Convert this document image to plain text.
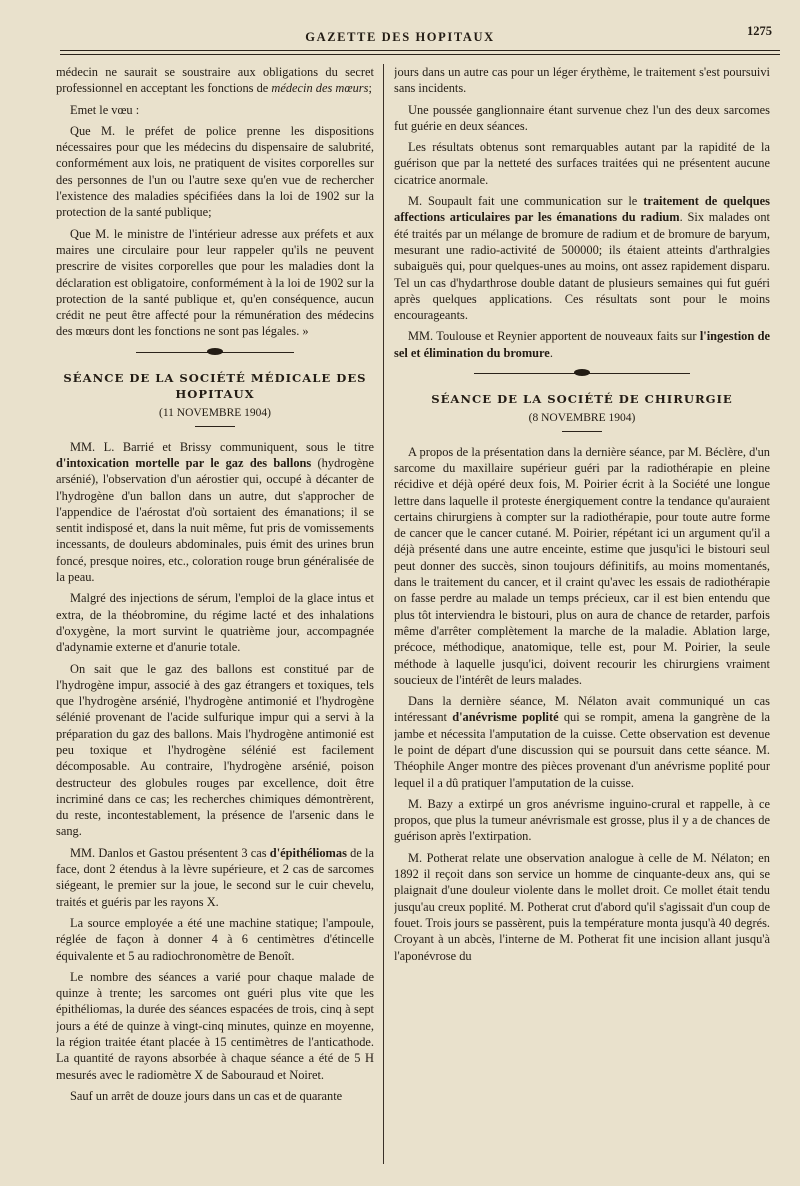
GAZETTE DES HOPITAUX	1275

médecin ne saurait se soustraire aux obligations du secret professionnel en acceptant les fonctions de médecin des mœurs;

Emet le vœu :

Que M. le préfet de police prenne les dispositions nécessaires pour que les médecins du dispensaire de salubrité, conformément aux lois, ne pratiquent de visites corporelles sur des personnes de l'un ou l'autre sexe qu'en vue de rechercher l'existence des maladies spécifiées dans la loi de 1902 sur la protection de la santé publique;

Que M. le ministre de l'intérieur adresse aux préfets et aux maires une circulaire pour leur rappeler qu'ils ne peuvent prescrire de visites corporelles que pour les maladies dont la déclaration est obligatoire, conformément à la loi de 1902 sur la protection de la santé publique et, qu'en conséquence, aucun crédit ne peut être affecté pour la rémunération des médecins des mœurs dont les fonctions ne sont pas légales. »

SÉANCE DE LA SOCIÉTÉ MÉDICALE DES HOPITAUX
(11 NOVEMBRE 1904)

MM. L. Barrié et Brissy communiquent, sous le titre d'intoxication mortelle par le gaz des ballons (hydrogène arsénié), l'observation d'un aérostier qui, occupé à décanter de l'hydrogène d'un ballon dans un autre, dut s'approcher de l'appendice de l'aérostat d'où sortaient des émanations; il se sentit indisposé et, dans la nuit même, fut pris de vomissements incessants, de douleurs abdominales, puis émit des urines brun foncé, presque noires, etc., coloration rouge brun généralisée de la peau.

Malgré des injections de sérum, l'emploi de la glace intus et extra, de la théobromine, du régime lacté et des inhalations d'oxygène, la mort survint le quatrième jour, accompagnée d'adynamie externe et d'anurie totale.

On sait que le gaz des ballons est constitué par de l'hydrogène impur, associé à des gaz étrangers et toxiques, tels que l'hydrogène arsénié, l'hydrogène antimonié et l'hydrogène sélénié provenant de l'acide sulfurique impur qui a servi à la préparation du gaz des ballons. Mais l'hydrogène antimonié est peu toxique et l'hydrogène sélénié est facilement décomposable. Au contraire, l'hydrogène arsénié, poison destructeur des globules rouges par excellence, doit être incriminé dans ce cas; les recherches chimiques démontrèrent, du reste, incontestablement, la présence de l'arsenic dans le sang.

MM. Danlos et Gastou présentent 3 cas d'épithéliomas de la face, dont 2 étendus à la lèvre supérieure, et 2 cas de sarcomes siégeant, le premier sur la joue, le second sur le cuir chevelu, traités et guéris par les rayons X.

La source employée a été une machine statique; l'ampoule, réglée de façon à donner 4 à 6 centimètres d'étincelle équivalente et 5 au radiochronomètre de Benoît.

Le nombre des séances a varié pour chaque malade de quinze à trente; les sarcomes ont guéri plus vite que les épithéliomas, la durée des séances espacées de trois, cinq à sept jours a été de quinze à vingt-cinq minutes, quinze en moyenne, la région traitée étant placée à 15 centimètres de l'anticathode. La quantité de rayons absorbée à chaque séance a été de 5 H mesurés avec le radiomètre X de Sabouraud et Noiret.

Sauf un arrêt de douze jours dans un cas et de quarante

jours dans un autre cas pour un léger érythème, le traitement s'est poursuivi sans incidents.

Une poussée ganglionnaire étant survenue chez l'un des deux sarcomes fut guérie en deux séances.

Les résultats obtenus sont remarquables autant par la rapidité de la guérison que par la netteté des surfaces traitées qui ne présentent aucune cicatrice anormale.

M. Soupault fait une communication sur le traitement de quelques affections articulaires par les émanations du radium. Six malades ont été traités par un mélange de bromure de radium et de bromure de baryum, mesurant une radio-activité de 500000; ils étaient atteints d'arthralgies subaiguës qui, pour quelques-unes au moins, ont assez rapidement disparu. Tel un cas d'hydarthrose double datant de plusieurs semaines qui fut guéri après quelques applications. Ces résultats sont pour le moins encourageants.

MM. Toulouse et Reynier apportent de nouveaux faits sur l'ingestion de sel et élimination du bromure.

SÉANCE DE LA SOCIÉTÉ DE CHIRURGIE
(8 NOVEMBRE 1904)

A propos de la présentation dans la dernière séance, par M. Béclère, d'un sarcome du maxillaire supérieur guéri par la radiothérapie en pleine récidive et déjà opéré deux fois, M. Poirier écrit à la Société une longue lettre dans laquelle il proteste énergiquement contre la tendance qu'auraient certains chirurgiens à compter sur la radiothérapie, pour toute autre forme de cancer que le cancer cutané. M. Poirier, répétant ici un argument qu'il a déjà présenté dans une autre enceinte, estime que jusqu'ici le bistouri seul peut donner des succès, sinon toujours définitifs, au moins momentanés, dans le traitement du cancer, et il craint qu'avec les essais de radiothérapie on fasse perdre au malade un temps précieux, car il est bien entendu que plus tôt interviendra le bistouri, plus on aura de chance de retarder, parfois même d'arrêter complètement la marche de la maladie. Ablation large, précoce, méthodique, anatomique, telle est, pour M. Poirier, la seule méthode à laquelle jusqu'ici, doivent recourir les chirurgiens vraiment soucieux de l'intérêt de leurs malades.

Dans la dernière séance, M. Nélaton avait communiqué un cas intéressant d'anévrisme poplité qui se rompit, amena la gangrène de la jambe et nécessita l'amputation de la cuisse. Cette observation est devenue le point de départ d'une discussion qui se poursuit dans cette séance. M. Théophile Anger montre des pièces provenant d'un anévrisme poplité pour lequel il a dû pratiquer l'amputation de la cuisse.

M. Bazy a extirpé un gros anévrisme inguino-crural et rappelle, à ce propos, que plus la tumeur anévrismale est grosse, plus il y a de chances de guérison après l'extirpation.

M. Potherat relate une observation analogue à celle de M. Nélaton; en 1892 il reçoit dans son service un homme de cinquante-deux ans, qui se plaignait d'une douleur violente dans le mollet droit. Ce mollet était tendu jusqu'au creux poplité. M. Potherat crut d'abord qu'il s'agissait d'un coup de fouet. Trois jours se passèrent, puis la température monta jusqu'à 40 degrés. Croyant à un abcès, l'interne de M. Potherat fit une incision allant jusqu'à l'aponévrose du
